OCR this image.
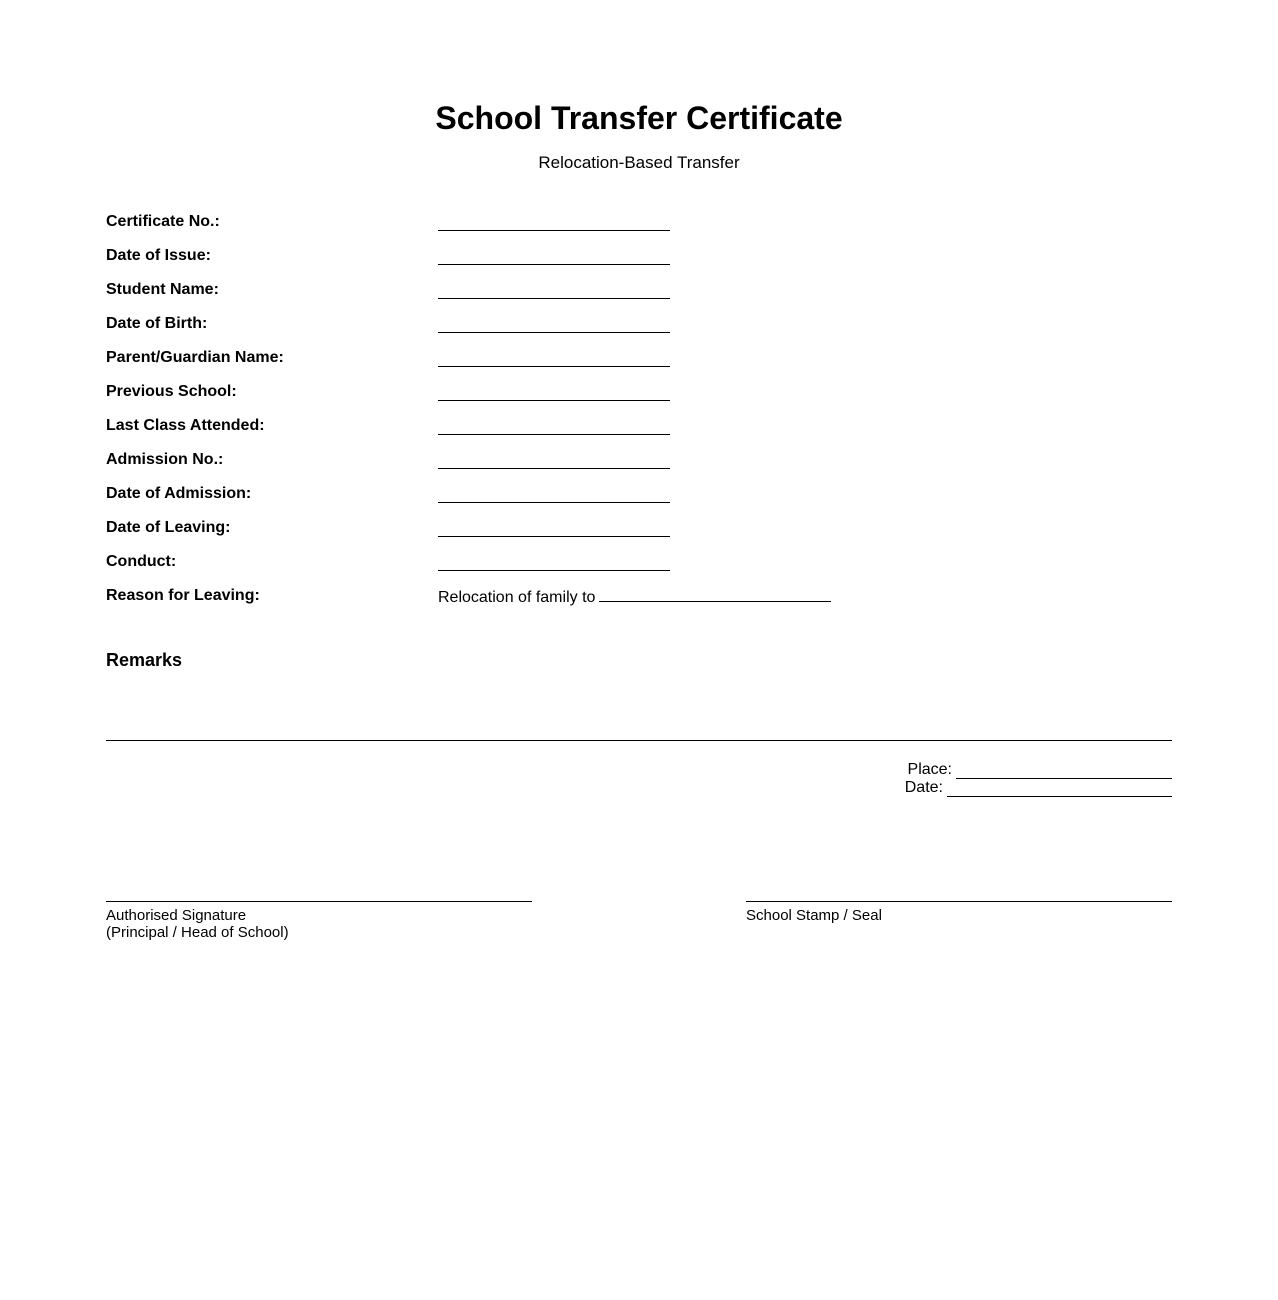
School Transfer Certificate
Relocation-Based Transfer
Certificate No.:
Date of Issue:
Student Name:
Date of Birth:
Parent/Guardian Name:
Previous School:
Last Class Attended:
Admission No.:
Date of Admission:
Date of Leaving:
Conduct:
Reason for Leaving:	Relocation of family to
Remarks
Place:
Date:
Authorised Signature
(Principal / Head of School)
School Stamp / Seal
